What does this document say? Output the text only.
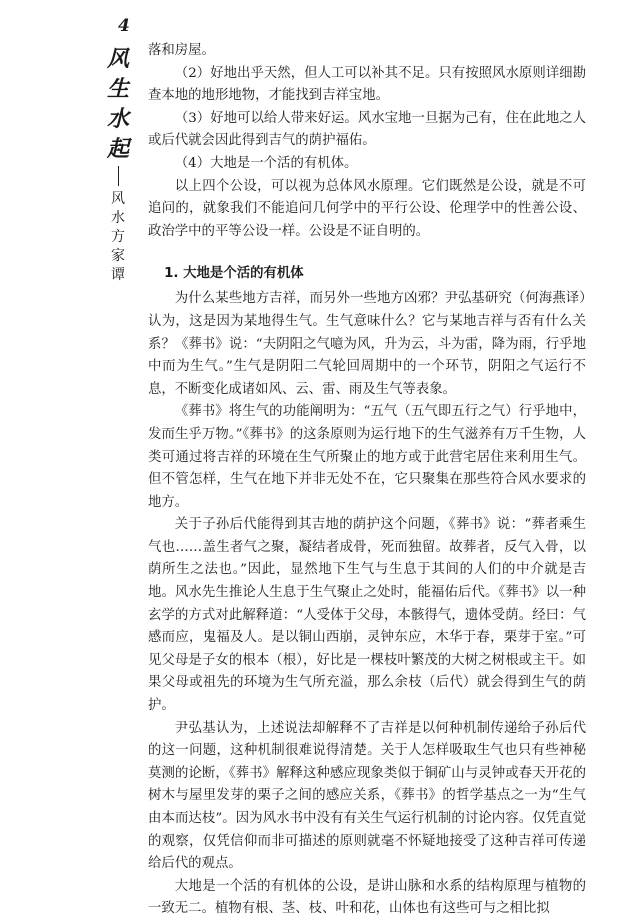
4
风
生
水
起
风
水
方
家
谭

落和房屋。

（2）好地出乎天然，但人工可以补其不足。只有按照风水原则详细勘查本地的地形地物，才能找到吉祥宝地。

（3）好地可以给人带来好运。风水宝地一旦据为己有，住在此地之人或后代就会因此得到吉气的荫护福佑。

（4）大地是一个活的有机体。

以上四个公设，可以视为总体风水原理。它们既然是公设，就是不可追问的，就象我们不能追问几何学中的平行公设、伦理学中的性善公设、政治学中的平等公设一样。公设是不证自明的。

1. 大地是个活的有机体

为什么某些地方吉祥，而另外一些地方凶邪？尹弘基研究（何海燕译）认为，这是因为某地得生气。生气意味什么？它与某地吉祥与否有什么关系？《葬书》说：“夫阴阳之气噫为风，升为云，斗为雷，降为雨，行乎地中而为生气。”生气是阴阳二气轮回周期中的一个环节，阴阳之气运行不息，不断变化成诸如风、云、雷、雨及生气等表象。

《葬书》将生气的功能阐明为：“五气（五气即五行之气）行乎地中，发而生乎万物。”《葬书》的这条原则为运行地下的生气滋养有万千生物，人类可通过将吉祥的环境在生气所聚止的地方或于此营宅居住来利用生气。但不管怎样，生气在地下并非无处不在，它只聚集在那些符合风水要求的地方。

关于子孙后代能得到其吉地的荫护这个问题，《葬书》说：“葬者乘生气也……盖生者气之聚，凝结者成骨，死而独留。故葬者，反气入骨，以荫所生之法也。”因此，显然地下生气与生息于其间的人们的中介就是吉地。风水先生推论人生息于生气聚止之处时，能福佑后代。《葬书》以一种玄学的方式对此解释道：“人受体于父母，本骸得气，遗体受荫。经曰：气感而应，鬼福及人。是以铜山西崩，灵钟东应，木华于春，栗芽于室。”可见父母是子女的根本（根），好比是一棵枝叶繁茂的大树之树根或主干。如果父母或祖先的环境为生气所充溢，那么余枝（后代）就会得到生气的荫护。

尹弘基认为，上述说法却解释不了吉祥是以何种机制传递给子孙后代的这一问题，这种机制很难说得清楚。关于人怎样吸取生气也只有些神秘莫测的论断，《葬书》解释这种感应现象类似于铜矿山与灵钟或春天开花的树木与屋里发芽的栗子之间的感应关系，《葬书》的哲学基点之一为“生气由本而达枝”。因为风水书中没有有关生气运行机制的讨论内容。仅凭直觉的观察，仅凭信仰而非可描述的原则就毫不怀疑地接受了这种吉祥可传递给后代的观点。

大地是一个活的有机体的公设，是讲山脉和水系的结构原理与植物的一致无二。植物有根、茎、枝、叶和花，山体也有这些可与之相比拟
